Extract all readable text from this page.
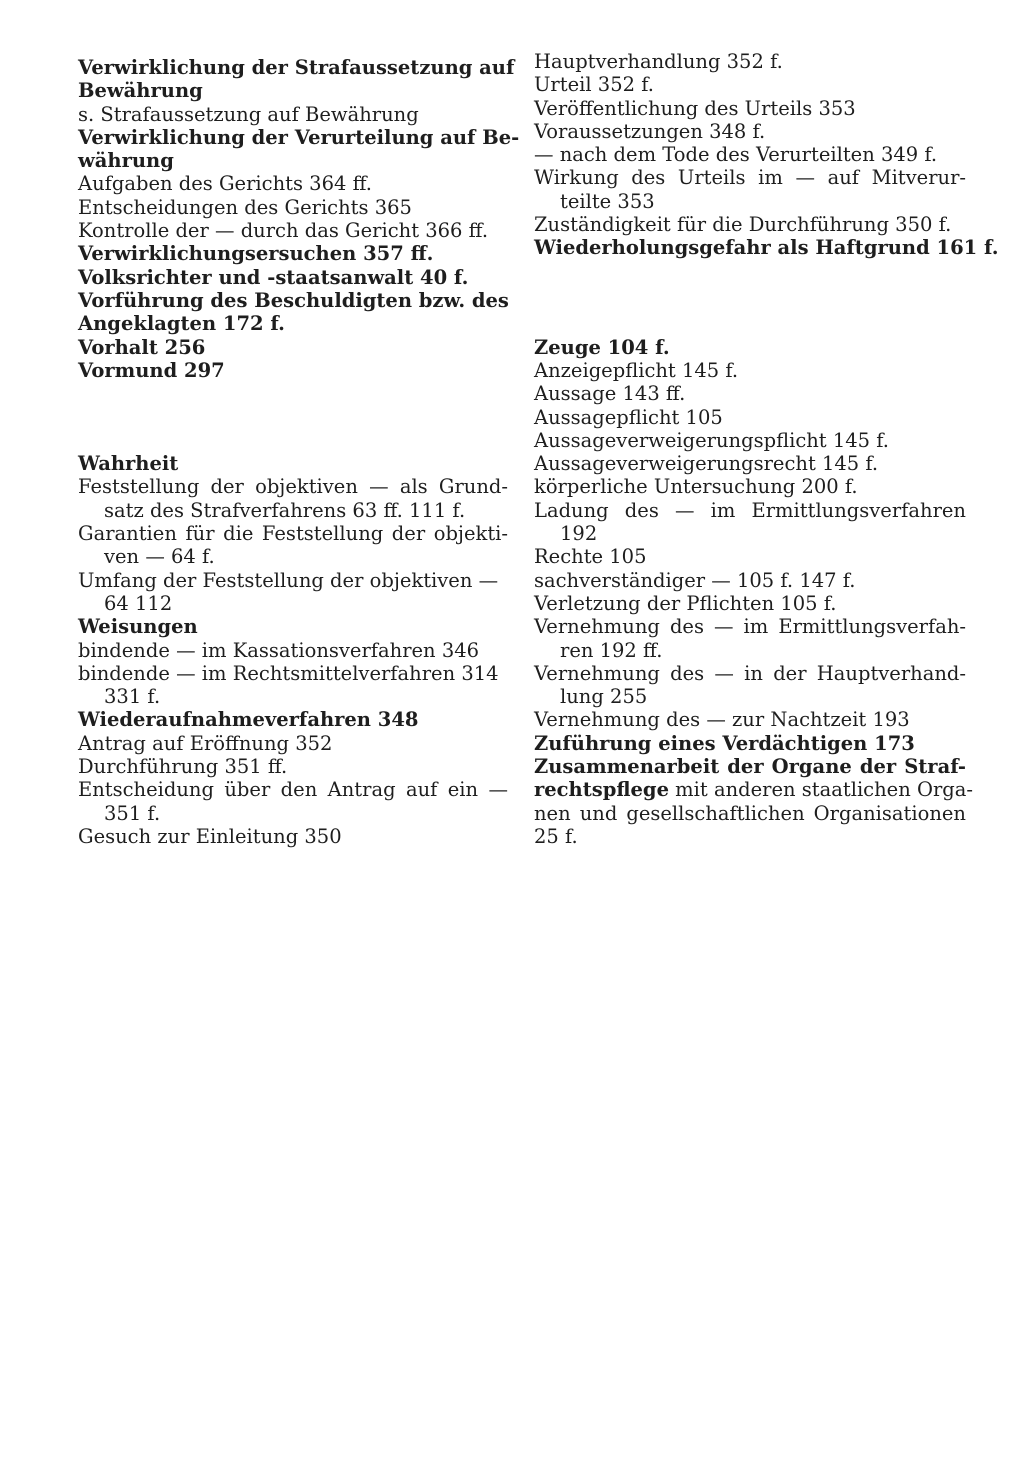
Verwirklichung der Strafaussetzung auf
Bewährung
s. Strafaussetzung auf Bewährung
Verwirklichung der Verurteilung auf Be-
währung
Aufgaben des Gerichts 364 ff.
Entscheidungen des Gerichts 365
Kontrolle der — durch das Gericht 366 ff.
Verwirklichungsersuchen 357 ff.
Volksrichter und -staatsanwalt 40 f.
Vorführung des Beschuldigten bzw. des
Angeklagten 172 f.
Vorhalt 256
Vormund 297
Wahrheit
Feststellung der objektiven — als Grund-
satz des Strafverfahrens 63 ff. 111 f.
Garantien für die Feststellung der objekti-
ven — 64 f.
Umfang der Feststellung der objektiven —
64 112
Weisungen
bindende — im Kassationsverfahren 346
bindende — im Rechtsmittelverfahren 314
331 f.
Wiederaufnahmeverfahren 348
Antrag auf Eröffnung 352
Durchführung 351 ff.
Entscheidung über den Antrag auf ein —
351 f.
Gesuch zur Einleitung 350
Hauptverhandlung 352 f.
Urteil 352 f.
Veröffentlichung des Urteils 353
Voraussetzungen 348 f.
— nach dem Tode des Verurteilten 349 f.
Wirkung des Urteils im — auf Mitverur-
teilte 353
Zuständigkeit für die Durchführung 350 f.
Wiederholungsgefahr als Haftgrund 161 f.
Zeuge 104 f.
Anzeigepflicht 145 f.
Aussage 143 ff.
Aussagepflicht 105
Aussageverweigerungspflicht 145 f.
Aussageverweigerungsrecht 145 f.
körperliche Untersuchung 200 f.
Ladung des — im Ermittlungsverfahren
192
Rechte 105
sachverständiger — 105 f. 147 f.
Verletzung der Pflichten 105 f.
Vernehmung des — im Ermittlungsverfah-
ren 192 ff.
Vernehmung des — in der Hauptverhand-
lung 255
Vernehmung des — zur Nachtzeit 193
Zuführung eines Verdächtigen 173
Zusammenarbeit der Organe der Straf-
rechtspflege mit anderen staatlichen Orga-
nen und gesellschaftlichen Organisationen
25 f.
